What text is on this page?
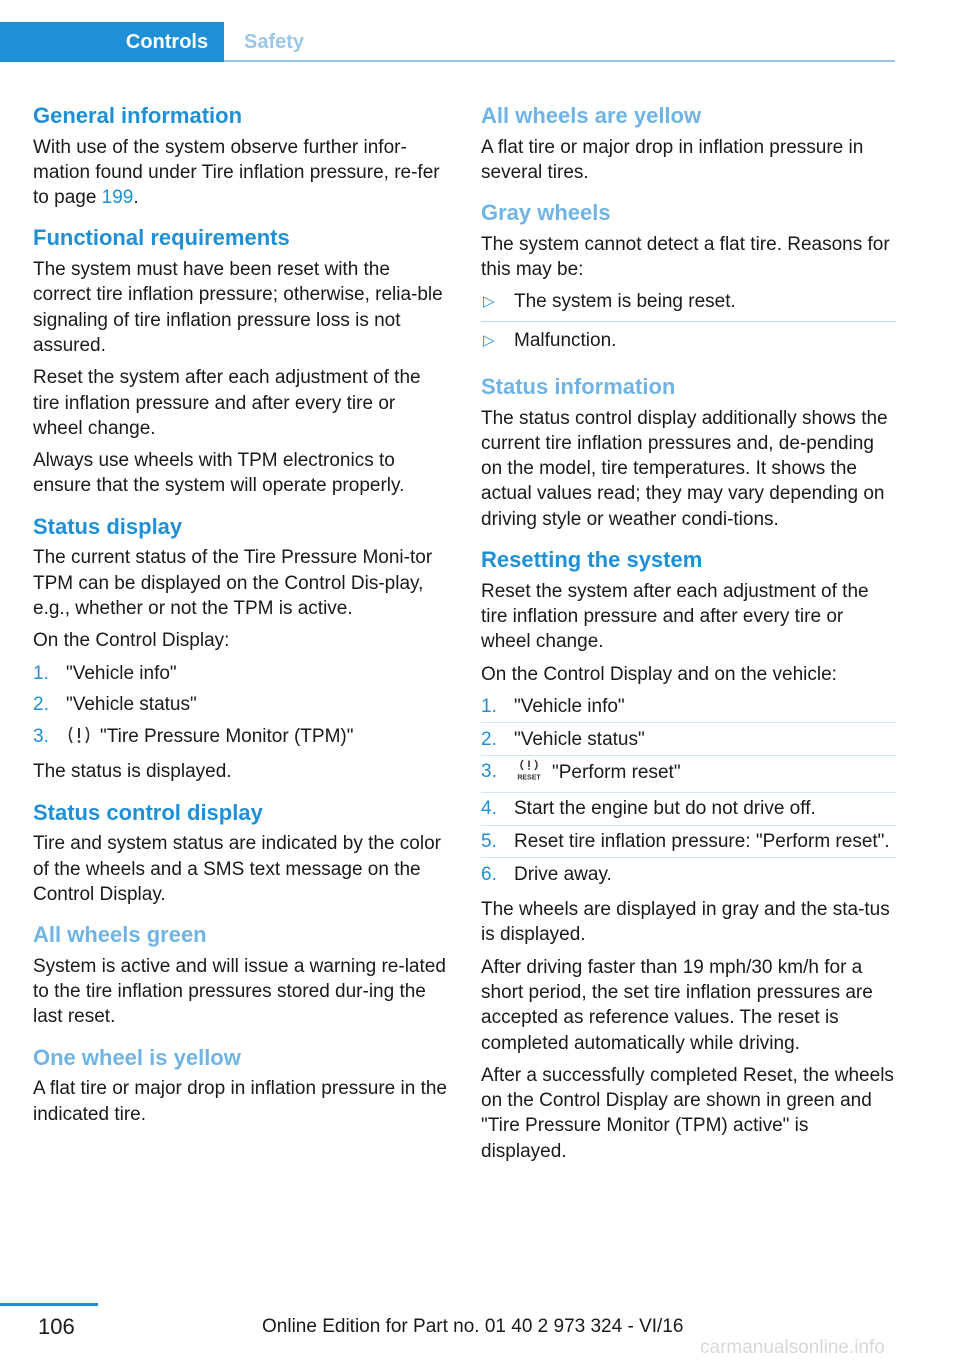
Controls	Safety
General information

With use of the system observe further infor-mation found under Tire inflation pressure, re-fer to page 199.

Functional requirements

The system must have been reset with the correct tire inflation pressure; otherwise, relia-ble signaling of tire inflation pressure loss is not assured.

Reset the system after each adjustment of the tire inflation pressure and after every tire or wheel change.

Always use wheels with TPM electronics to ensure that the system will operate properly.

Status display

The current status of the Tire Pressure Moni-tor TPM can be displayed on the Control Dis-play, e.g., whether or not the TPM is active.

On the Control Display:

1. "Vehicle info"
2. "Vehicle status"
3.	"Tire Pressure Monitor (TPM)"

The status is displayed.

Status control display

Tire and system status are indicated by the color of the wheels and a SMS text message on the Control Display.

All wheels green

System is active and will issue a warning re-lated to the tire inflation pressures stored dur-ing the last reset.

One wheel is yellow

A flat tire or major drop in inflation pressure in the indicated tire.

All wheels are yellow

A flat tire or major drop in inflation pressure in several tires.

Gray wheels

The system cannot detect a flat tire. Reasons for this may be:

▷ The system is being reset.
▷ Malfunction.
Status information

The status control display additionally shows the current tire inflation pressures and, de-pending on the model, tire temperatures. It shows the actual values read; they may vary depending on driving style or weather condi-tions.

Resetting the system

Reset the system after each adjustment of the tire inflation pressure and after every tire or wheel change.

On the Control Display and on the vehicle:

1. "Vehicle info"
2. "Vehicle status"
3.	RESET "Perform reset"
4. Start the engine but do not drive off.
5. Reset tire inflation pressure: "Perform reset".
6. Drive away.

The wheels are displayed in gray and the sta-tus is displayed.

After driving faster than 19 mph/30 km/h for a short period, the set tire inflation pressures are accepted as reference values. The reset is completed automatically while driving.

After a successfully completed Reset, the wheels on the Control Display are shown in green and "Tire Pressure Monitor (TPM) active" is displayed.

106	Online Edition for Part no. 01 40 2 973 324 - VI/16
carmanualsonline.info
